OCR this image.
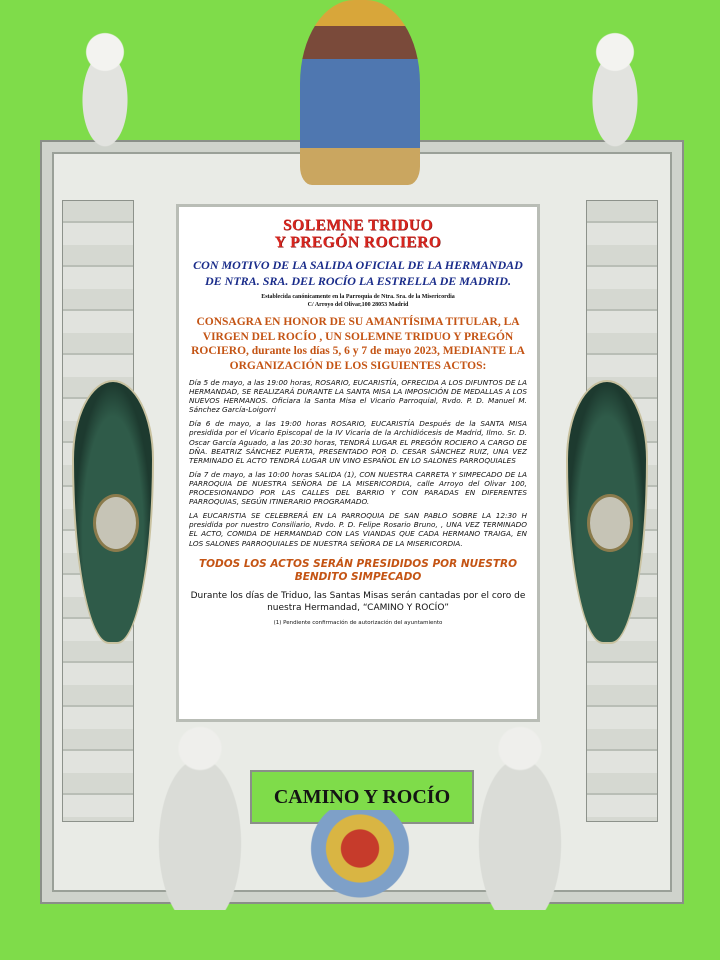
SOLEMNE TRIDUO
Y PREGÓN ROCIERO
CON MOTIVO DE LA SALIDA OFICIAL DE LA HERMANDAD DE NTRA. SRA. DEL ROCÍO LA ESTRELLA DE MADRID.
Establecida canónicamente en la Parroquia de Ntra. Sra. de la Misericordia
C/ Arroyo del Olivar,100 28053 Madrid
CONSAGRA EN HONOR DE SU AMANTÍSIMA TITULAR, LA VIRGEN DEL ROCÍO , UN SOLEMNE TRIDUO Y PREGÓN ROCIERO, durante los días 5, 6 y 7 de mayo 2023, MEDIANTE LA ORGANIZACIÓN DE LOS SIGUIENTES ACTOS:
Día 5 de mayo, a las 19:00 horas, ROSARIO, EUCARISTÍA, OFRECIDA A LOS DIFUNTOS DE LA HERMANDAD, SE REALIZARÁ DURANTE LA SANTA MISA LA IMPOSICIÓN DE MEDALLAS A LOS NUEVOS HERMANOS. Oficiara la Santa Misa el Vicario Parroquial, Rvdo. P. D. Manuel M. Sánchez García-Loigorri
Día 6 de mayo, a las 19:00 horas ROSARIO, EUCARISTÍA Después de la SANTA MISA presidida por el Vicario Episcopal de la IV Vicaria de la Archidiócesis de Madrid, Ilmo. Sr. D. Oscar García Aguado, a las 20:30 horas, TENDRÁ LUGAR EL PREGÓN ROCIERO A CARGO DE DÑA. BEATRIZ SÁNCHEZ PUERTA, PRESENTADO POR D. CESAR SÁNCHEZ RUIZ, UNA VEZ TERMINADO EL ACTO TENDRÁ LUGAR UN VINO ESPAÑOL EN LO SALONES PARROQUIALES
Día 7 de mayo, a las 10:00 horas SALIDA (1), CON NUESTRA CARRETA Y SIMPECADO DE LA PARROQUIA DE NUESTRA SEÑORA DE LA MISERICORDIA, calle Arroyo del Olivar 100, PROCESIONANDO POR LAS CALLES DEL BARRIO Y CON PARADAS EN DIFERENTES PARROQUIAS, SEGÚN ITINERARIO PROGRAMADO.
LA EUCARISTIA SE CELEBRERÁ EN LA PARROQUIA DE SAN PABLO SOBRE LA 12:30 H presidida por nuestro Consiliario, Rvdo. P. D. Felipe Rosario Bruno, , UNA VEZ TERMINADO EL ACTO, COMIDA DE HERMANDAD CON LAS VIANDAS QUE CADA HERMANO TRAIGA, EN LOS SALONES PARROQUIALES DE NUESTRA SEÑORA DE LA MISERICORDIA.
TODOS LOS ACTOS SERÁN PRESIDIDOS POR NUESTRO BENDITO SIMPECADO
Durante los días de Triduo, las Santas Misas serán cantadas por el coro de nuestra Hermandad, “CAMINO Y ROCÍO”
(1) Pendiente confirmación de autorización del ayuntamiento
CAMINO Y ROCÍO
